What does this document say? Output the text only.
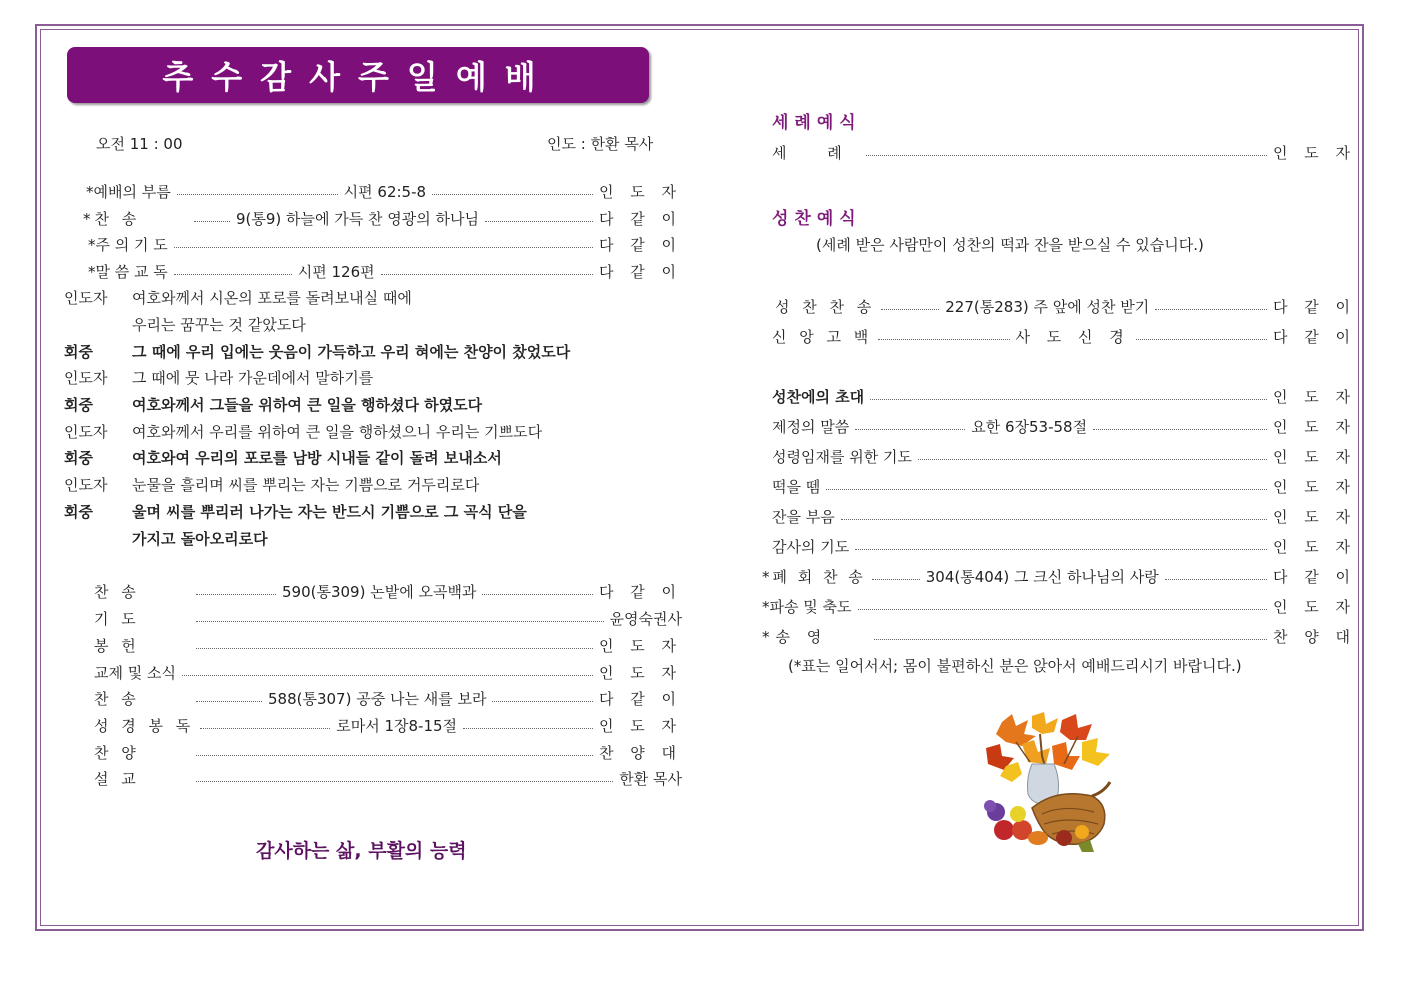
추수감사주일예배
오전 11 : 00	인도 : 한환 목사
*예배의 부름	시편 62:5-8	인 도 자
*찬 송	9(통9) 하늘에 가득 찬 영광의 하나님	다 같 이
*주 의 기 도	다 같 이
*말 씀 교 독	시편 126편	다 같 이
인도자 여호와께서 시온의 포로를 돌려보내실 때에
우리는 꿈꾸는 것 같았도다
회중	그 때에 우리 입에는 웃음이 가득하고 우리 혀에는 찬양이 찼었도다
인도자 그 때에 뭇 나라 가운데에서 말하기를
회중	여호와께서 그들을 위하여 큰 일을 행하셨다 하였도다
인도자 여호와께서 우리를 위하여 큰 일을 행하셨으니 우리는 기쁘도다
회중	여호와여 우리의 포로를 남방 시내들 같이 돌려 보내소서
인도자 눈물을 흘리며 씨를 뿌리는 자는 기쁨으로 거두리로다
회중	울며 씨를 뿌리러 나가는 자는 반드시 기쁨으로 그 곡식 단을
가지고 돌아오리로다
찬 송	590(통309) 논밭에 오곡백과	다 같 이
기 도	윤영숙권사
봉 헌	인 도 자
교제 및 소식	인 도 자
찬 송	588(통307) 공중 나는 새를 보라	다 같 이
성 경 봉 독	로마서 1장8-15절	인 도 자
찬 양	찬 양 대
설 교	한환 목사
감사하는 삶, 부활의 능력
세례예식
세 례	인 도 자
성찬예식
(세례 받은 사람만이 성찬의 떡과 잔을 받으실 수 있습니다.)
성 찬 찬 송	227(통283) 주 앞에 성찬 받기	다 같 이
신 앙 고 백	사 도 신 경	다 같 이
성찬에의 초대	인 도 자
제정의 말씀	요한 6장53-58절	인 도 자
성령임재를 위한 기도	인 도 자
떡을 뗌	인 도 자
잔을 부음	인 도 자
감사의 기도	인 도 자
*폐 회 찬 송	304(통404) 그 크신 하나님의 사랑	다 같 이
*파송 및 축도	인 도 자
*송 영	찬 양 대
(*표는 일어서서; 몸이 불편하신 분은 앉아서 예배드리시기 바랍니다.)
